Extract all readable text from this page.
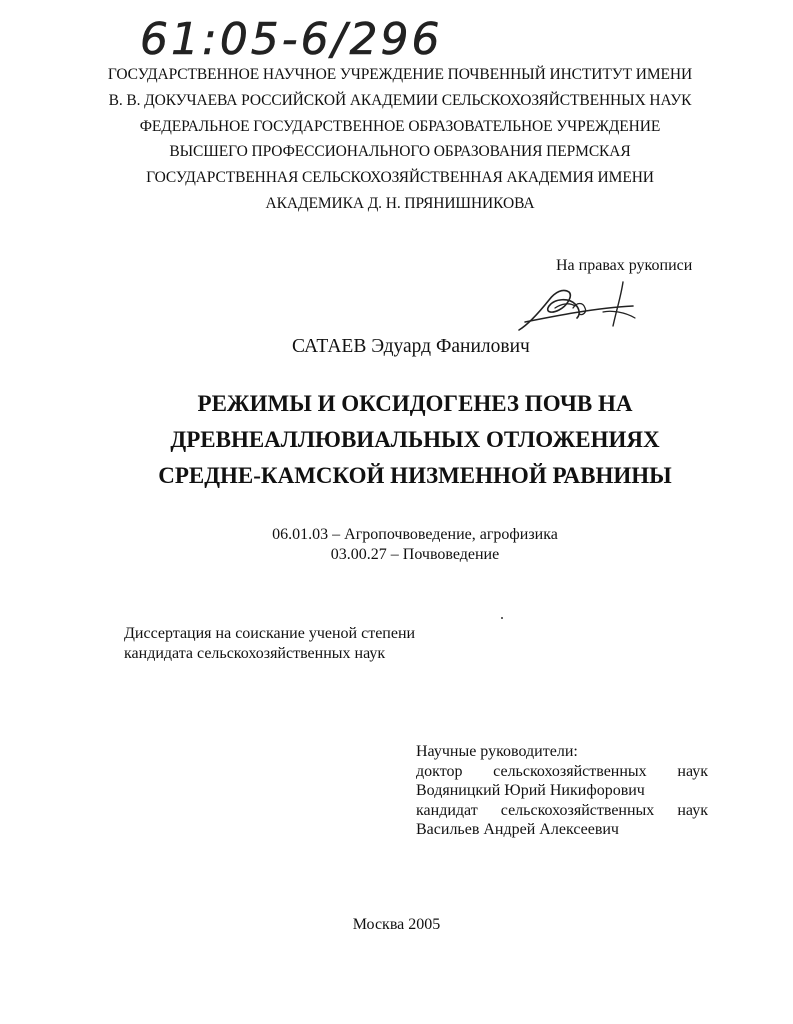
61:05-6/296
ГОСУДАРСТВЕННОЕ НАУЧНОЕ УЧРЕЖДЕНИЕ ПОЧВЕННЫЙ ИНСТИТУТ ИМЕНИ
В. В. ДОКУЧАЕВА РОССИЙСКОЙ АКАДЕМИИ СЕЛЬСКОХОЗЯЙСТВЕННЫХ НАУК
ФЕДЕРАЛЬНОЕ ГОСУДАРСТВЕННОЕ ОБРАЗОВАТЕЛЬНОЕ УЧРЕЖДЕНИЕ
ВЫСШЕГО ПРОФЕССИОНАЛЬНОГО ОБРАЗОВАНИЯ ПЕРМСКАЯ
ГОСУДАРСТВЕННАЯ СЕЛЬСКОХОЗЯЙСТВЕННАЯ АКАДЕМИЯ ИМЕНИ
АКАДЕМИКА Д. Н. ПРЯНИШНИКОВА
На правах рукописи
САТАЕВ Эдуард Фанилович
РЕЖИМЫ И ОКСИДОГЕНЕЗ ПОЧВ НА
ДРЕВНЕАЛЛЮВИАЛЬНЫХ ОТЛОЖЕНИЯХ
СРЕДНЕ-КАМСКОЙ НИЗМЕННОЙ РАВНИНЫ
06.01.03 – Агропочвоведение, агрофизика
03.00.27 – Почвоведение
Диссертация на соискание ученой степени
кандидата сельскохозяйственных наук
Научные руководители:
доктор сельскохозяйственных наук
Водяницкий Юрий Никифорович
кандидат сельскохозяйственных наук
Васильев Андрей Алексеевич
Москва 2005
